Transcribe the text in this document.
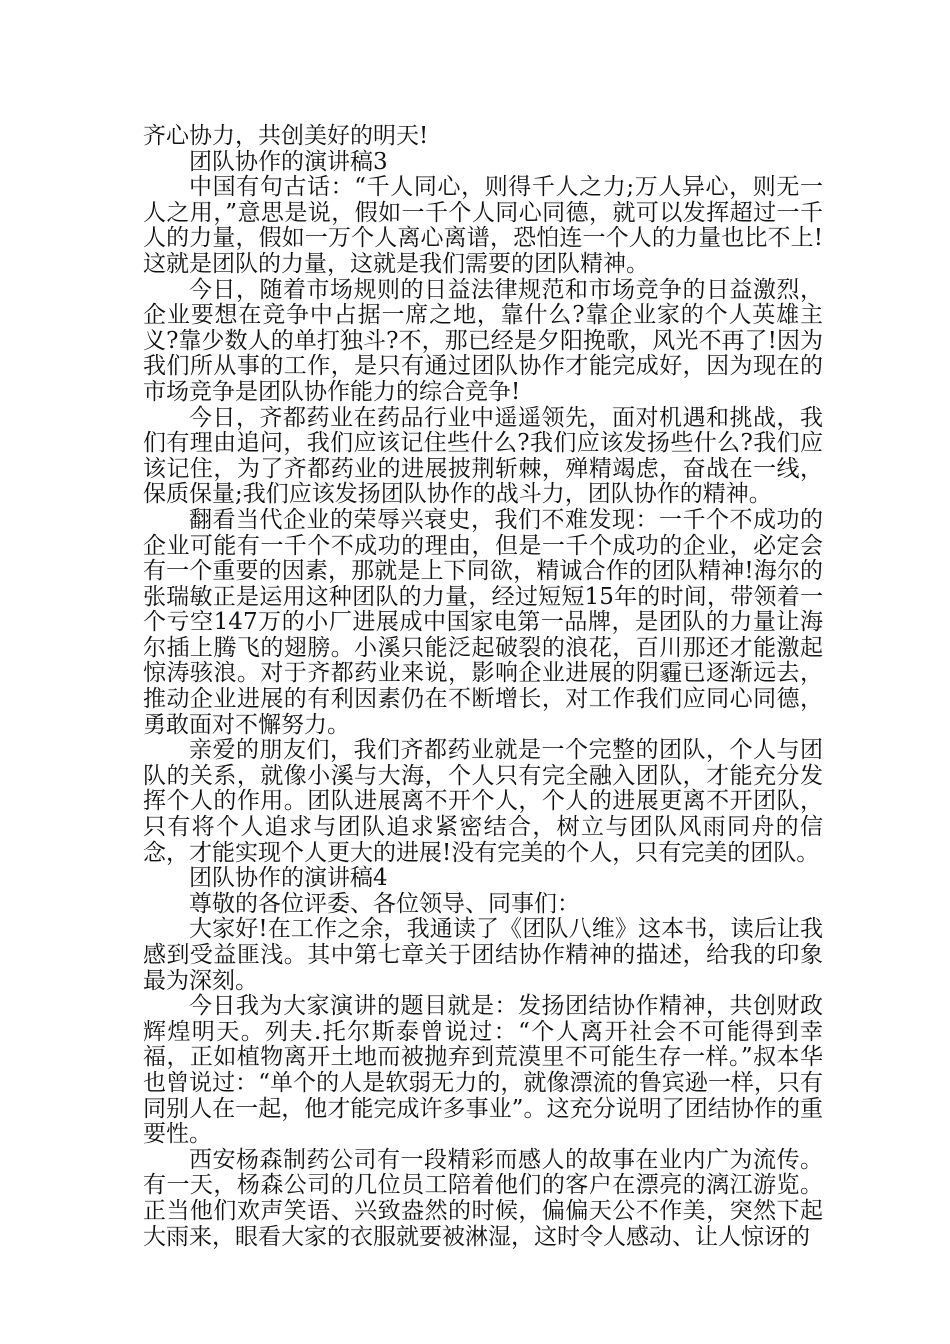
齐心协力，共创美好的明天!

团队协作的演讲稿3

中国有句古话：“千人同心，则得千人之力;万人异心，则无一人之用，”意思是说，假如一千个人同心同德，就可以发挥超过一千人的力量，假如一万个人离心离谱，恐怕连一个人的力量也比不上!这就是团队的力量，这就是我们需要的团队精神。

今日，随着市场规则的日益法律规范和市场竞争的日益激烈，企业要想在竞争中占据一席之地，靠什么?靠企业家的个人英雄主义?靠少数人的单打独斗?不，那已经是夕阳挽歌，风光不再了!因为我们所从事的工作，是只有通过团队协作才能完成好，因为现在的市场竞争是团队协作能力的综合竞争!

今日，齐都药业在药品行业中遥遥领先，面对机遇和挑战，我们有理由追问，我们应该记住些什么?我们应该发扬些什么?我们应该记住，为了齐都药业的进展披荆斩棘，殚精竭虑，奋战在一线，保质保量;我们应该发扬团队协作的战斗力，团队协作的精神。

翻看当代企业的荣辱兴衰史，我们不难发现：一千个不成功的企业可能有一千个不成功的理由，但是一千个成功的企业，必定会有一个重要的因素，那就是上下同欲，精诚合作的团队精神!海尔的张瑞敏正是运用这种团队的力量，经过短短15年的时间，带领着一个亏空147万的小厂进展成中国家电第一品牌，是团队的力量让海尔插上腾飞的翅膀。小溪只能泛起破裂的浪花，百川那还才能激起惊涛骇浪。对于齐都药业来说，影响企业进展的阴霾已逐渐远去，推动企业进展的有利因素仍在不断增长，对工作我们应同心同德，勇敢面对不懈努力。

亲爱的朋友们，我们齐都药业就是一个完整的团队，个人与团队的关系，就像小溪与大海，个人只有完全融入团队，才能充分发挥个人的作用。团队进展离不开个人，个人的进展更离不开团队，只有将个人追求与团队追求紧密结合，树立与团队风雨同舟的信念，才能实现个人更大的进展!没有完美的个人，只有完美的团队。

团队协作的演讲稿4

尊敬的各位评委、各位领导、同事们：

大家好!在工作之余，我通读了《团队八维》这本书，读后让我感到受益匪浅。其中第七章关于团结协作精神的描述，给我的印象最为深刻。

今日我为大家演讲的题目就是：发扬团结协作精神，共创财政辉煌明天。列夫.托尔斯泰曾说过：“个人离开社会不可能得到幸福，正如植物离开土地而被抛弃到荒漠里不可能生存一样。”叔本华也曾说过：“单个的人是软弱无力的，就像漂流的鲁宾逊一样，只有同别人在一起，他才能完成许多事业”。这充分说明了团结协作的重要性。

西安杨森制药公司有一段精彩而感人的故事在业内广为流传。有一天，杨森公司的几位员工陪着他们的客户在漂亮的漓江游览。正当他们欢声笑语、兴致盎然的时候，偏偏天公不作美，突然下起大雨来，眼看大家的衣服就要被淋湿，这时令人感动、让人惊讶的
